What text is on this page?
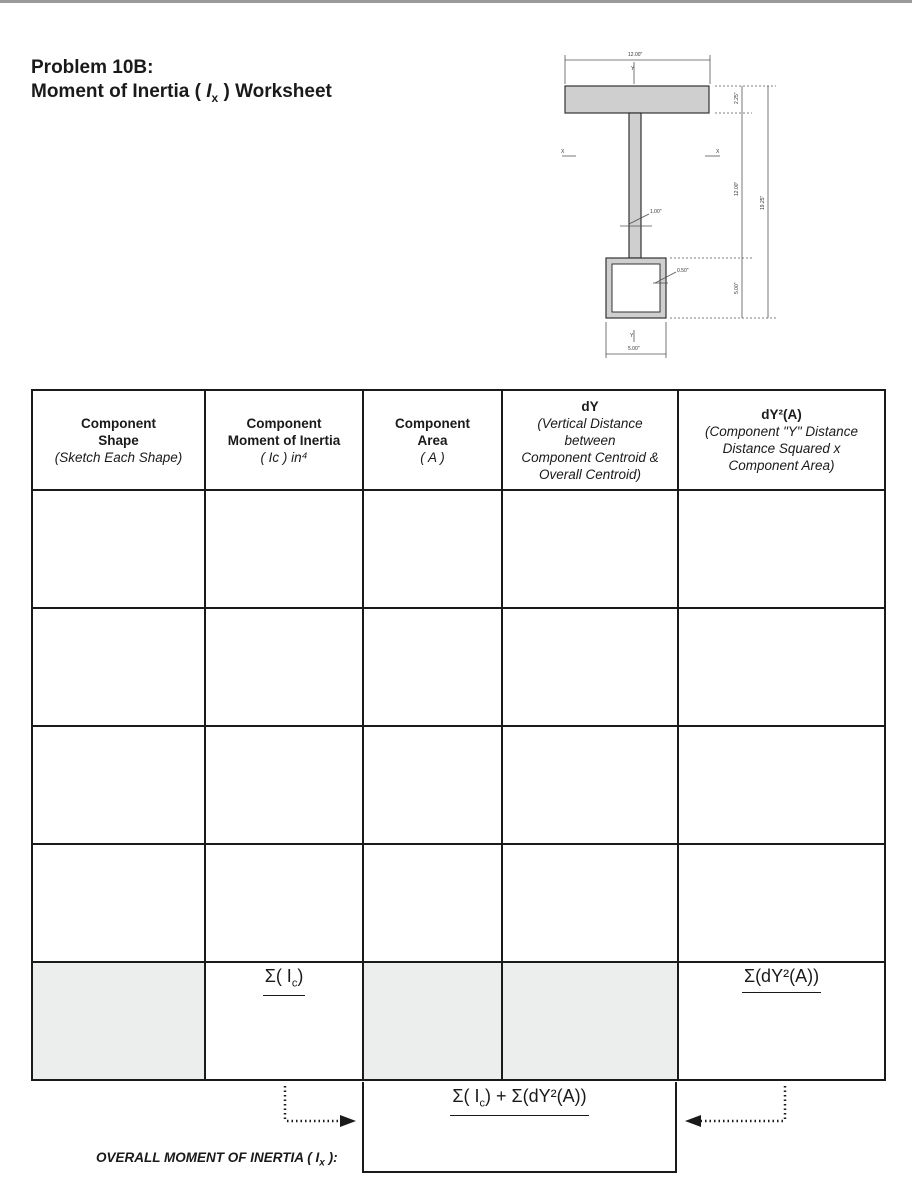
Problem 10B:
Moment of Inertia ( $I_x$ ) Worksheet
12.00"
Y
X	X
1.00"
0.50"
Y
5.00"
2.25"
12.00"
5.00"
19.25"
Component
Shape
(Sketch Each Shape)	Component
Moment of Inertia
( Ic ) in⁴	Component
Area
( A )	dY
(Vertical Distance
between
Component Centroid &
Overall Centroid)	dY²(A)
(Component "Y" Distance
Distance Squared x
Component Area)

	Σ( $I_c$)			Σ(dY²(A))
Σ( $I_c) + \Sigma(dY^2(A))$
OVERALL MOMENT OF INERTIA ( $I_x$ ):
